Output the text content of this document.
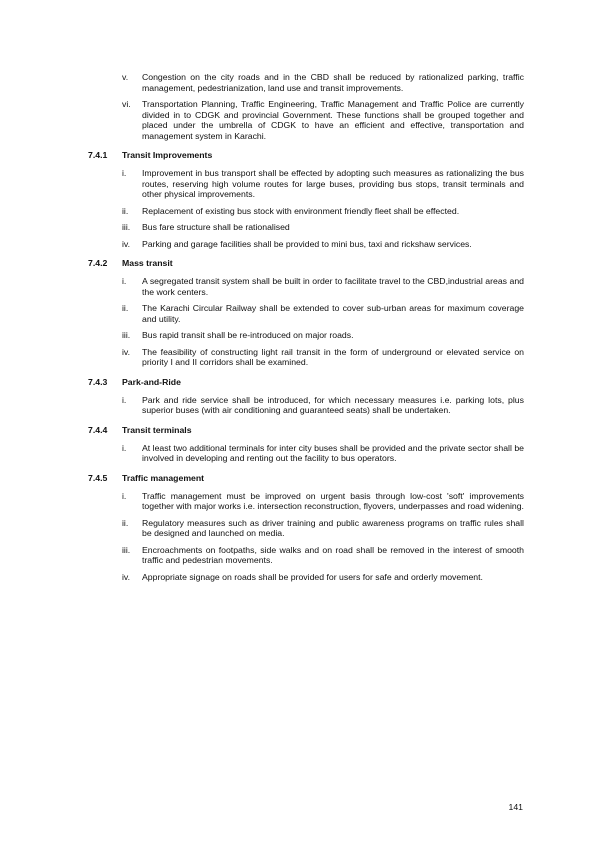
v.	Congestion on the city roads and in the CBD shall be reduced by rationalized parking, traffic management, pedestrianization, land use and transit improvements.
vi.	Transportation Planning, Traffic Engineering, Traffic Management and Traffic Police are currently divided in to CDGK and provincial Government. These functions shall be grouped together and placed under the umbrella of CDGK to have an efficient and effective, transportation and management system in Karachi.
7.4.1	Transit Improvements
i.	Improvement in bus transport shall be effected by adopting such measures as rationalizing the bus routes, reserving high volume routes for large buses, providing bus stops, transit terminals and other physical improvements.
ii.	Replacement of existing bus stock with environment friendly fleet shall be effected.
iii.	Bus fare structure shall be rationalised
iv.	Parking and garage facilities shall be provided to mini bus, taxi and rickshaw services.
7.4.2	Mass transit
i.	A segregated transit system shall be built in order to facilitate travel to the CBD,industrial areas and the work centers.
ii.	The Karachi Circular Railway shall be extended to cover sub-urban areas for maximum coverage and utility.
iii.	Bus rapid transit shall be re-introduced on major roads.
iv.	The feasibility of constructing light rail transit in the form of underground or elevated service on priority I and II corridors shall be examined.
7.4.3	Park-and-Ride
i.	Park and ride service shall be introduced, for which necessary measures i.e. parking lots, plus superior buses (with air conditioning and guaranteed seats) shall be undertaken.
7.4.4	Transit terminals
i.	At least two additional terminals for inter city buses shall be provided and the private sector shall be involved in developing and renting out the facility to bus operators.
7.4.5	Traffic management
i.	Traffic management must be improved on urgent basis through low-cost 'soft' improvements together with major works i.e. intersection reconstruction, flyovers, underpasses and road widening.
ii.	Regulatory measures such as driver training and public awareness programs on traffic rules shall be designed and launched on media.
iii.	Encroachments on footpaths, side walks and on road shall be removed in the interest of smooth traffic and pedestrian movements.
iv.	Appropriate signage on roads shall be provided for users for safe and orderly movement.
141
